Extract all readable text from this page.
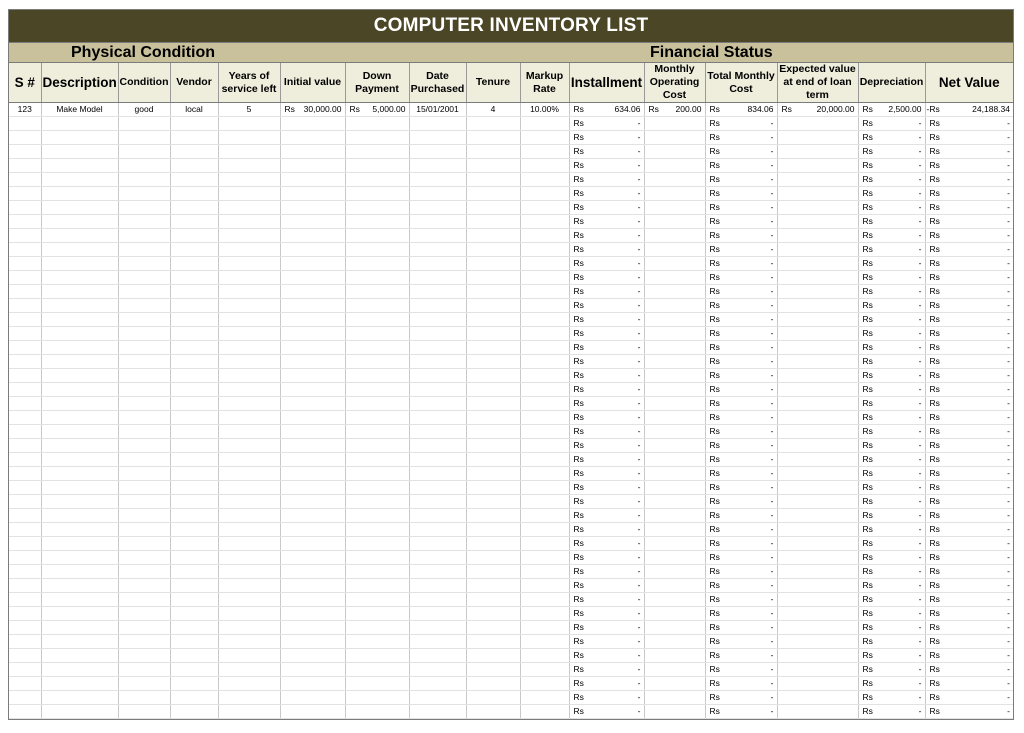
COMPUTER INVENTORY LIST
Physical Condition	Financial Status
S #	Description	Condition	Vendor	Years of service left	Initial value	Down Payment	Date Purchased	Tenure	Markup Rate	Installment	Monthly Operating Cost	Total Monthly Cost	Expected value at end of loan term	Depreciation	Net Value
123	Make Model	good	local	5	Rs 30,000.00	Rs 5,000.00	15/01/2001	4	10.00%	Rs 634.06	Rs 200.00	Rs 834.06	Rs 20,000.00	Rs 2,500.00	-Rs 24,188.34

										Rs -		Rs -		Rs -	Rs -

										Rs -		Rs -		Rs -	Rs -

										Rs -		Rs -		Rs -	Rs -

										Rs -		Rs -		Rs -	Rs -

										Rs -		Rs -		Rs -	Rs -

										Rs -		Rs -		Rs -	Rs -

										Rs -		Rs -		Rs -	Rs -

										Rs -		Rs -		Rs -	Rs -

										Rs -		Rs -		Rs -	Rs -

										Rs -		Rs -		Rs -	Rs -

										Rs -		Rs -		Rs -	Rs -

										Rs -		Rs -		Rs -	Rs -

										Rs -		Rs -		Rs -	Rs -

										Rs -		Rs -		Rs -	Rs -

										Rs -		Rs -		Rs -	Rs -

										Rs -		Rs -		Rs -	Rs -

										Rs -		Rs -		Rs -	Rs -

										Rs -		Rs -		Rs -	Rs -

										Rs -		Rs -		Rs -	Rs -

										Rs -		Rs -		Rs -	Rs -

										Rs -		Rs -		Rs -	Rs -

										Rs -		Rs -		Rs -	Rs -

										Rs -		Rs -		Rs -	Rs -

										Rs -		Rs -		Rs -	Rs -

										Rs -		Rs -		Rs -	Rs -

										Rs -		Rs -		Rs -	Rs -

										Rs -		Rs -		Rs -	Rs -

										Rs -		Rs -		Rs -	Rs -

										Rs -		Rs -		Rs -	Rs -

										Rs -		Rs -		Rs -	Rs -

										Rs -		Rs -		Rs -	Rs -

										Rs -		Rs -		Rs -	Rs -

										Rs -		Rs -		Rs -	Rs -

										Rs -		Rs -		Rs -	Rs -

										Rs -		Rs -		Rs -	Rs -

										Rs -		Rs -		Rs -	Rs -

										Rs -		Rs -		Rs -	Rs -

										Rs -		Rs -		Rs -	Rs -

										Rs -		Rs -		Rs -	Rs -

										Rs -		Rs -		Rs -	Rs -

										Rs -		Rs -		Rs -	Rs -

										Rs -		Rs -		Rs -	Rs -

										Rs -		Rs -		Rs -	Rs -
